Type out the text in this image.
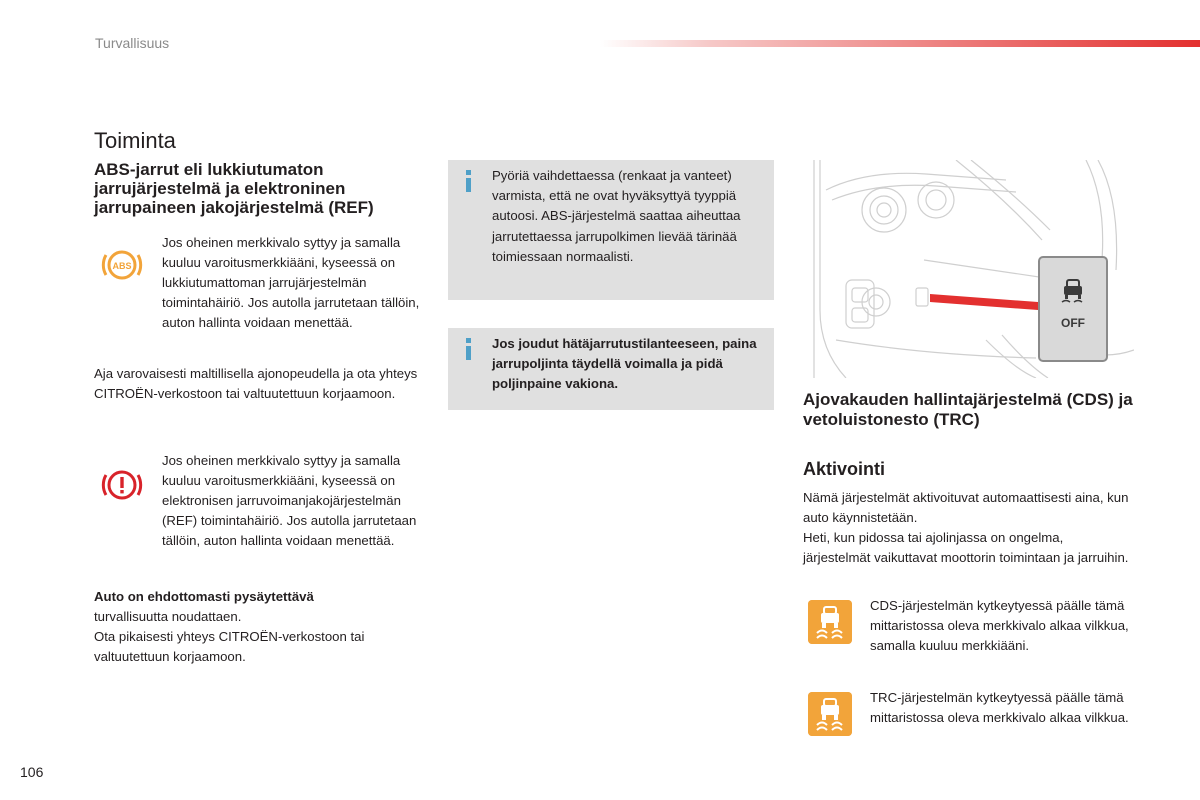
Turvallisuus
Toiminta
ABS-jarrut eli lukkiutumaton jarrujärjestelmä ja elektroninen jarrupaineen jakojärjestelmä (REF)
ABS
Jos oheinen merkkivalo syttyy ja samalla kuuluu varoitusmerkkiääni, kyseessä on lukkiutumattoman jarrujärjestelmän toimintahäiriö. Jos autolla jarrutetaan tällöin, auton hallinta voidaan menettää.
Aja varovaisesti maltillisella ajonopeudella ja ota yhteys CITROËN-verkostoon tai valtuutettuun korjaamoon.
Jos oheinen merkkivalo syttyy ja samalla kuuluu varoitusmerkkiääni, kyseessä on elektronisen jarruvoimanjakojärjestelmän (REF) toimintahäiriö. Jos autolla jarrutetaan tällöin, auton hallinta voidaan menettää.
Auto on ehdottomasti pysäytettävä
turvallisuutta noudattaen.
Ota pikaisesti yhteys CITROËN-verkostoon tai valtuutettuun korjaamoon.
Pyöriä vaihdettaessa (renkaat ja vanteet) varmista, että ne ovat hyväksyttyä tyyppiä autoosi. ABS-järjestelmä saattaa aiheuttaa jarrutettaessa jarrupolkimen lievää tärinää toimiessaan normaalisti.
Jos joudut hätäjarrutustilanteeseen, paina jarrupoljinta täydellä voimalla ja pidä poljinpaine vakiona.
OFF
Ajovakauden hallintajärjestelmä (CDS) ja vetoluistonesto (TRC)
Aktivointi
Nämä järjestelmät aktivoituvat automaattisesti aina, kun auto käynnistetään.
Heti, kun pidossa tai ajolinjassa on ongelma, järjestelmät vaikuttavat moottorin toimintaan ja jarruihin.
CDS-järjestelmän kytkeytyessä päälle tämä mittaristossa oleva merkkivalo alkaa vilkkua, samalla kuuluu merkkiääni.
TRC-järjestelmän kytkeytyessä päälle tämä mittaristossa oleva merkkivalo alkaa vilkkua.
106
